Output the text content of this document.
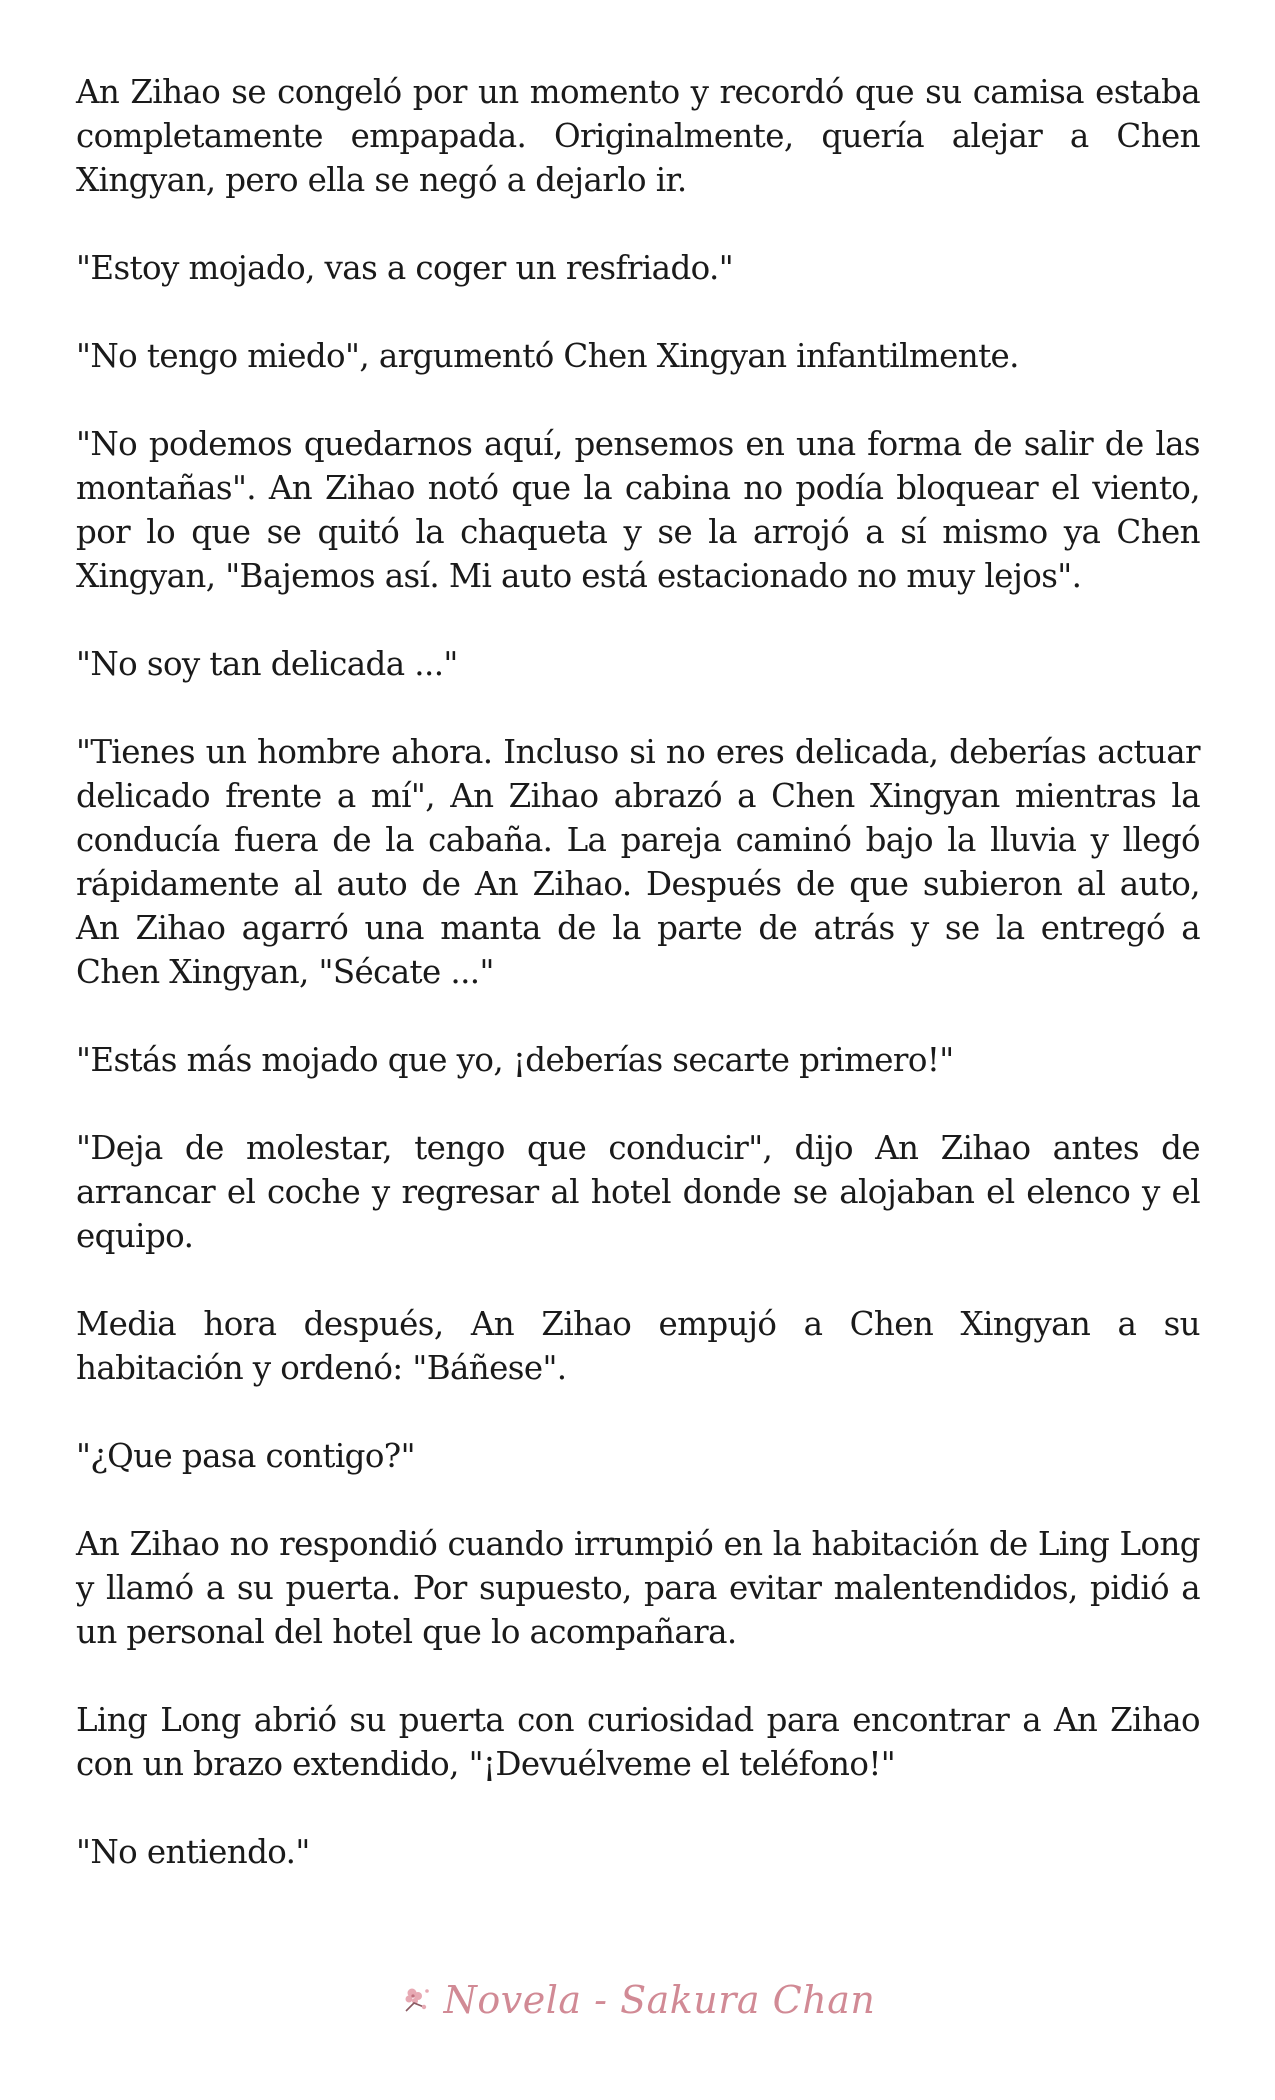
An Zihao se congeló por un momento y recordó que su camisa estaba completamente empapada. Originalmente, quería alejar a Chen Xingyan, pero ella se negó a dejarlo ir.

"Estoy mojado, vas a coger un resfriado."

"No tengo miedo", argumentó Chen Xingyan infantilmente.

"No podemos quedarnos aquí, pensemos en una forma de salir de las montañas". An Zihao notó que la cabina no podía bloquear el viento, por lo que se quitó la chaqueta y se la arrojó a sí mismo ya Chen Xingyan, "Bajemos así. Mi auto está estacionado no muy lejos".

"No soy tan delicada ..."

"Tienes un hombre ahora. Incluso si no eres delicada, deberías actuar delicado frente a mí", An Zihao abrazó a Chen Xingyan mientras la conducía fuera de la cabaña. La pareja caminó bajo la lluvia y llegó rápidamente al auto de An Zihao. Después de que subieron al auto, An Zihao agarró una manta de la parte de atrás y se la entregó a Chen Xingyan, "Sécate ..."

"Estás más mojado que yo, ¡deberías secarte primero!"

"Deja de molestar, tengo que conducir", dijo An Zihao antes de arrancar el coche y regresar al hotel donde se alojaban el elenco y el equipo.

Media hora después, An Zihao empujó a Chen Xingyan a su habitación y ordenó: "Báñese".

"¿Que pasa contigo?"

An Zihao no respondió cuando irrumpió en la habitación de Ling Long y llamó a su puerta. Por supuesto, para evitar malentendidos, pidió a un personal del hotel que lo acompañara.

Ling Long abrió su puerta con curiosidad para encontrar a An Zihao con un brazo extendido, "¡Devuélveme el teléfono!"

"No entiendo."

Novela - Sakura Chan
